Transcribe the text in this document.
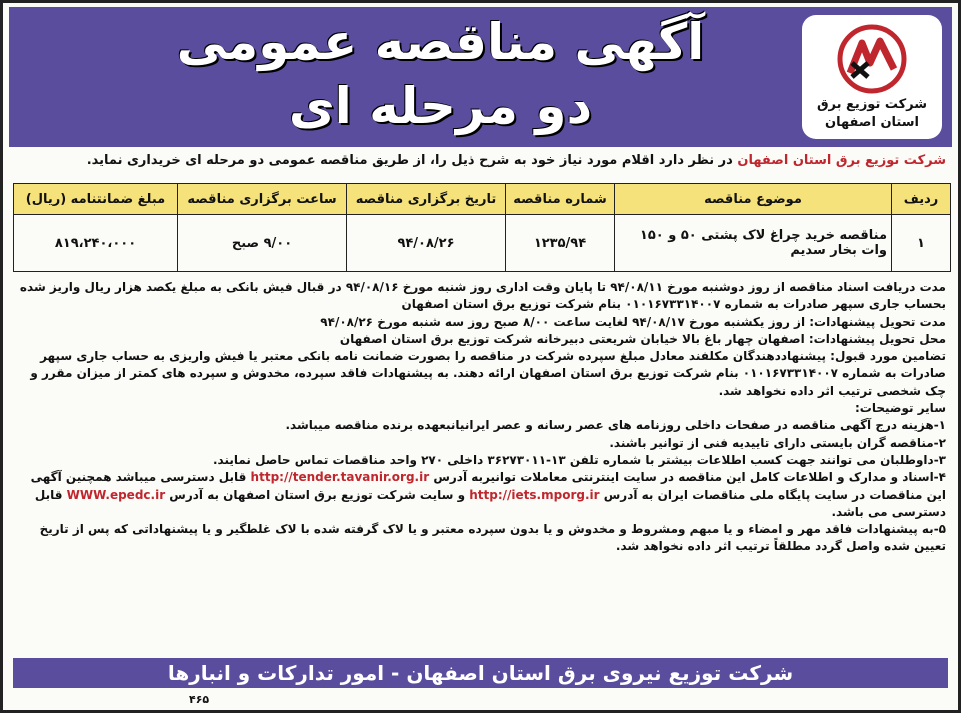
آگهی مناقصه عمومی
دو مرحله ای	شرکت توزیع برق
استان اصفهان
شرکت توزیع برق استان اصفهان در نظر دارد اقلام مورد نیاز خود به شرح ذیل را، از طریق مناقصه عمومی دو مرحله ای خریداری نماید.
ردیف	موضوع مناقصه	شماره مناقصه	تاریخ برگزاری مناقصه	ساعت برگزاری مناقصه	مبلغ ضمانتنامه (ریال)
۱	مناقصه خرید چراغ لاک پشتی ۵۰ و ۱۵۰ وات بخار سدیم	۱۲۳۵/۹۴	۹۴/۰۸/۲۶	۹/۰۰ صبح	۸۱۹،۲۴۰،۰۰۰

مدت دریافت اسناد مناقصه از روز دوشنبه مورخ ۹۴/۰۸/۱۱ تا پایان وقت اداری روز شنبه مورخ ۹۴/۰۸/۱۶ در قبال فیش بانکی به مبلغ یکصد هزار ریال واریز شده بحساب جاری سپهر صادرات به شماره ۰۱۰۱۶۷۳۳۱۴۰۰۷ بنام شرکت توزیع برق استان اصفهان

مدت تحویل پیشنهادات: از روز یکشنبه مورخ ۹۴/۰۸/۱۷ لغایت ساعت ۸/۰۰ صبح روز سه شنبه مورخ ۹۴/۰۸/۲۶

محل تحویل پیشنهادات: اصفهان چهار باغ بالا خیابان شریعتی دبیرخانه شرکت توزیع برق استان اصفهان

تضامین مورد قبول: پیشنهاددهندگان مکلفند معادل مبلغ سپرده شرکت در مناقصه را بصورت ضمانت نامه بانکی معتبر یا فیش واریزی به حساب جاری سپهر صادرات به شماره ۰۱۰۱۶۷۳۳۱۴۰۰۷ بنام شرکت توزیع برق استان اصفهان ارائه دهند. به پیشنهادات فاقد سپرده، مخدوش و سپرده های کمتر از میزان مقرر و چک شخصی ترتیب اثر داده نخواهد شد.

سایر توضیحات:

۱-هزینه درج آگهی مناقصه در صفحات داخلی روزنامه های عصر رسانه و عصر ایرانیانبعهده برنده مناقصه میباشد.

۲-مناقصه گران بایستی دارای تاییدیه فنی از توانیر باشند.

۳-داوطلبان می توانند جهت کسب اطلاعات بیشتر با شماره تلفن ۱۳-۳۶۲۷۳۰۱۱ داخلی ۲۷۰ واحد مناقصات تماس حاصل نمایند.

۴-اسناد و مدارک و اطلاعات کامل این مناقصه در سایت اینترنتی معاملات توانیربه آدرس http://tender.tavanir.org.ir قابل دسترسی میباشد همچنین آگهی این مناقصات در سایت پایگاه ملی مناقصات ایران به آدرس http://iets.mporg.ir و سایت شرکت توزیع برق استان اصفهان به آدرس WWW.epedc.ir قابل دسترسی می باشد.

۵-به پیشنهادات فاقد مهر و امضاء و یا مبهم ومشروط و مخدوش و یا بدون سپرده معتبر و یا لاک گرفته شده با لاک غلطگیر و یا پیشنهاداتی که پس از تاریخ تعیین شده واصل گردد مطلقاً ترتیب اثر داده نخواهد شد.

شرکت توزیع نیروی برق استان اصفهان - امور تدارکات و انبارها
۴۶۵
